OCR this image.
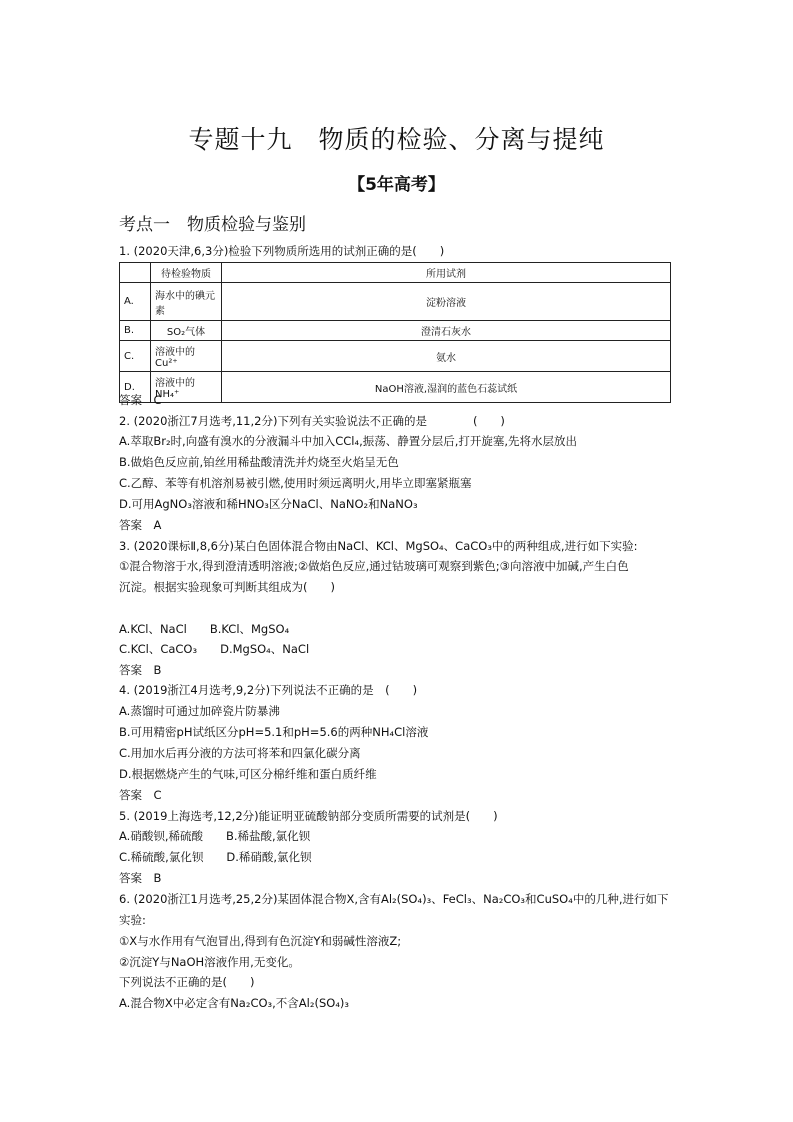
专题十九　物质的检验、分离与提纯
【5年高考】
考点一　物质检验与鉴别
1. (2020天津,6,3分)检验下列物质所选用的试剂正确的是(　　)
	待检验物质	所用试剂
A.	海水中的碘元素	淀粉溶液
B.	SO₂气体	澄清石灰水
C.	溶液中的Cu²⁺	氨水
D.	溶液中的NH₄⁺	NaOH溶液,湿润的蓝色石蕊试纸
答案　C
2. (2020浙江7月选考,11,2分)下列有关实验说法不正确的是　　　　(　　)
A.萃取Br₂时,向盛有溴水的分液漏斗中加入CCl₄,振荡、静置分层后,打开旋塞,先将水层放出
B.做焰色反应前,铂丝用稀盐酸清洗并灼烧至火焰呈无色
C.乙醇、苯等有机溶剂易被引燃,使用时须远离明火,用毕立即塞紧瓶塞
D.可用AgNO₃溶液和稀HNO₃区分NaCl、NaNO₂和NaNO₃
答案　A
3. (2020课标Ⅱ,8,6分)某白色固体混合物由NaCl、KCl、MgSO₄、CaCO₃中的两种组成,进行如下实验:
①混合物溶于水,得到澄清透明溶液;②做焰色反应,通过钴玻璃可观察到紫色;③向溶液中加碱,产生白色
沉淀。根据实验现象可判断其组成为(　　)
A.KCl、NaCl　　B.KCl、MgSO₄
C.KCl、CaCO₃　　D.MgSO₄、NaCl
答案　B
4. (2019浙江4月选考,9,2分)下列说法不正确的是　(　　)
A.蒸馏时可通过加碎瓷片防暴沸
B.可用精密pH试纸区分pH=5.1和pH=5.6的两种NH₄Cl溶液
C.用加水后再分液的方法可将苯和四氯化碳分离
D.根据燃烧产生的气味,可区分棉纤维和蛋白质纤维
答案　C
5. (2019上海选考,12,2分)能证明亚硫酸钠部分变质所需要的试剂是(　　)
A.硝酸钡,稀硫酸　　B.稀盐酸,氯化钡
C.稀硫酸,氯化钡　　D.稀硝酸,氯化钡
答案　B
6. (2020浙江1月选考,25,2分)某固体混合物X,含有Al₂(SO₄)₃、FeCl₃、Na₂CO₃和CuSO₄中的几种,进行如下
实验:
①X与水作用有气泡冒出,得到有色沉淀Y和弱碱性溶液Z;
②沉淀Y与NaOH溶液作用,无变化。
下列说法不正确的是(　　)
A.混合物X中必定含有Na₂CO₃,不含Al₂(SO₄)₃
